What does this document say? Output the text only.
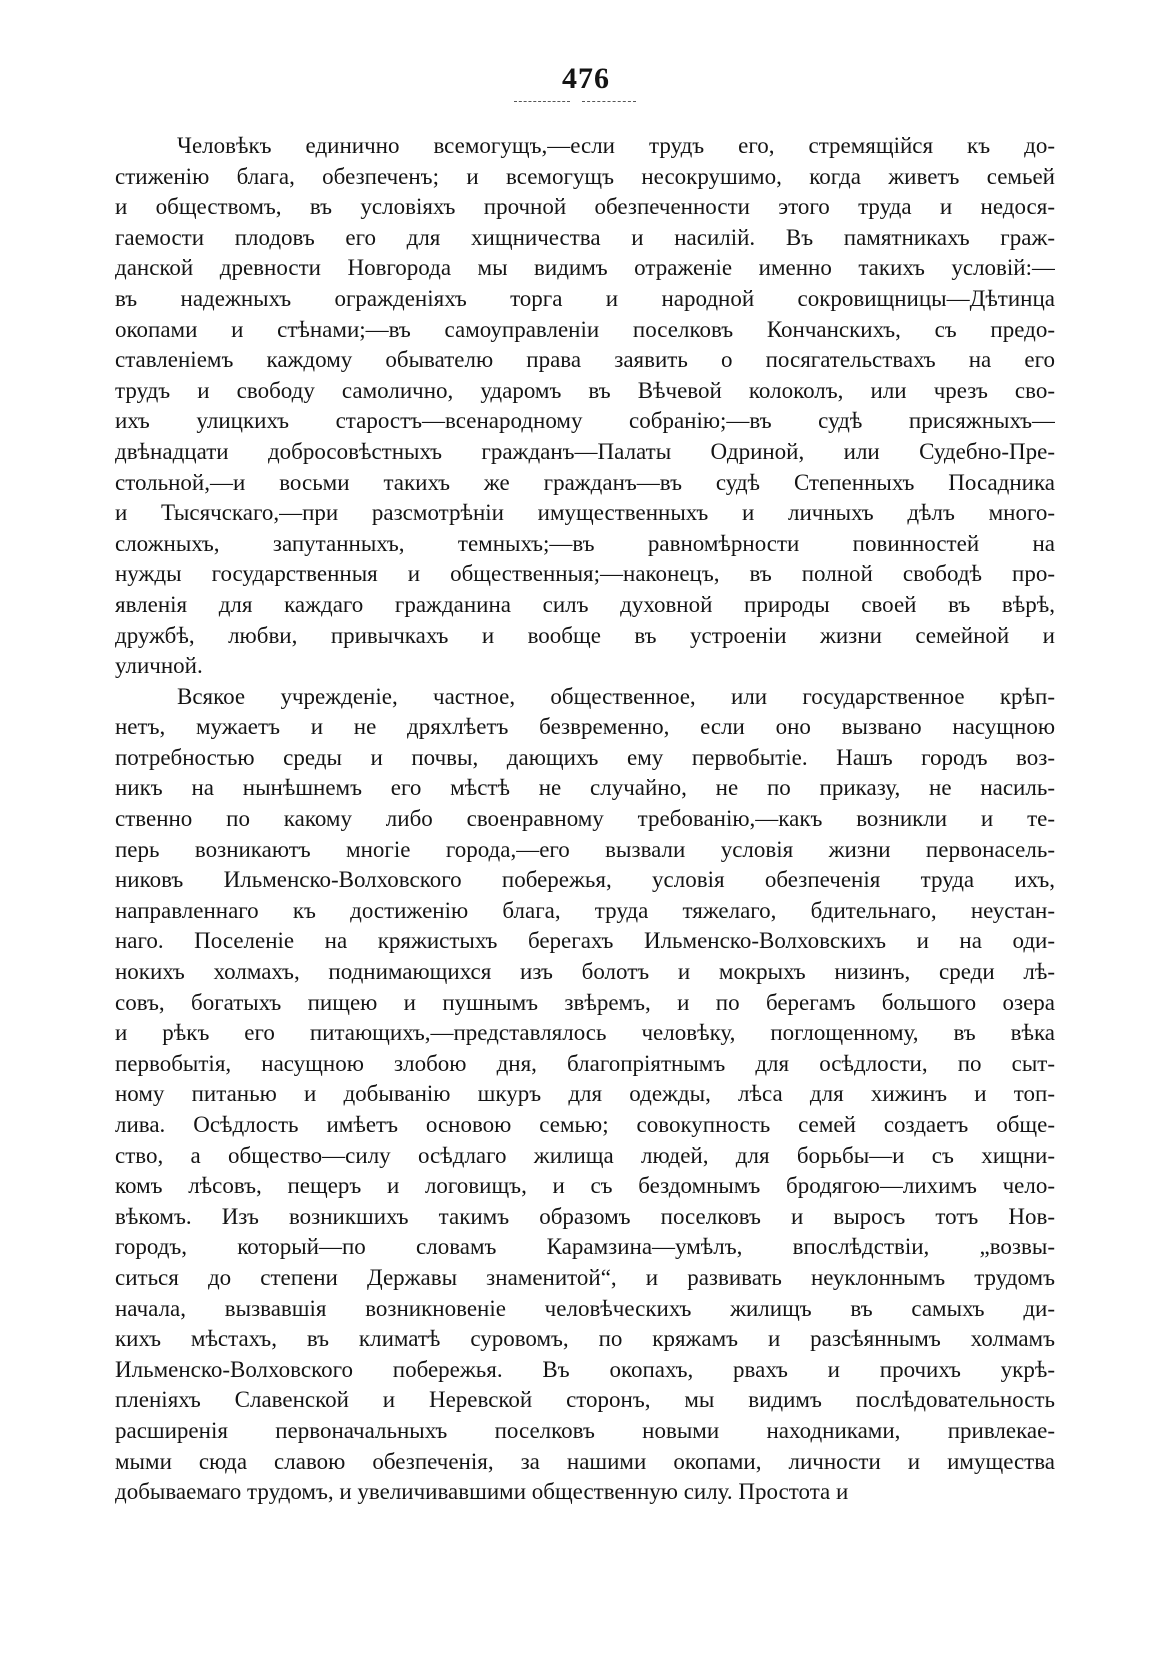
476
Человѣкъ единично всемогущъ,—если трудъ его, стремящійся къ до-
стиженію блага, обезпеченъ; и всемогущъ несокрушимо, когда живетъ семьей
и обществомъ, въ условіяхъ прочной обезпеченности этого труда и недося-
гаемости плодовъ его для хищничества и насилій. Въ памятникахъ граж-
данской древности Новгорода мы видимъ отраженіе именно такихъ условій:—
въ надежныхъ огражденіяхъ торга и народной сокровищницы—Дѣтинца
окопами и стѣнами;—въ самоуправленіи поселковъ Кончанскихъ, съ предо-
ставленіемъ каждому обывателю права заявить о посягательствахъ на его
трудъ и свободу самолично, ударомъ въ Вѣчевой колоколъ, или чрезъ сво-
ихъ улицкихъ старостъ—всенародному собранію;—въ судѣ присяжныхъ—
двѣнадцати добросовѣстныхъ гражданъ—Палаты Одриной, или Судебно-Пре-
стольной,—и восьми такихъ же гражданъ—въ судѣ Степенныхъ Посадника
и Тысячскаго,—при разсмотрѣніи имущественныхъ и личныхъ дѣлъ много-
сложныхъ, запутанныхъ, темныхъ;—въ равномѣрности повинностей на
нужды государственныя и общественныя;—наконецъ, въ полной свободѣ про-
явленія для каждаго гражданина силъ духовной природы своей въ вѣрѣ,
дружбѣ, любви, привычкахъ и вообще въ устроеніи жизни семейной и
уличной.
Всякое учрежденіе, частное, общественное, или государственное крѣп-
нетъ, мужаетъ и не дряхлѣетъ безвременно, если оно вызвано насущною
потребностью среды и почвы, дающихъ ему первобытіе. Нашъ городъ воз-
никъ на нынѣшнемъ его мѣстѣ не случайно, не по приказу, не насиль-
ственно по какому либо своенравному требованію,—какъ возникли и те-
перь возникаютъ многіе города,—его вызвали условія жизни первонасель-
никовъ Ильменско-Волховского побережья, условія обезпеченія труда ихъ,
направленнаго къ достиженію блага, труда тяжелаго, бдительнаго, неустан-
наго. Поселеніе на кряжистыхъ берегахъ Ильменско-Волховскихъ и на оди-
нокихъ холмахъ, поднимающихся изъ болотъ и мокрыхъ низинъ, среди лѣ-
совъ, богатыхъ пищею и пушнымъ звѣремъ, и по берегамъ большого озера
и рѣкъ его питающихъ,—представлялось человѣку, поглощенному, въ вѣка
первобытія, насущною злобою дня, благопріятнымъ для осѣдлости, по сыт-
ному питанью и добыванію шкуръ для одежды, лѣса для хижинъ и топ-
лива. Осѣдлость имѣетъ основою семью; совокупность семей создаетъ обще-
ство, а общество—силу осѣдлаго жилища людей, для борьбы—и съ хищни-
комъ лѣсовъ, пещеръ и логовищъ, и съ бездомнымъ бродягою—лихимъ чело-
вѣкомъ. Изъ возникшихъ такимъ образомъ поселковъ и выросъ тотъ Нов-
городъ, который—по словамъ Карамзина—умѣлъ, впослѣдствіи, „возвы-
ситься до степени Державы знаменитой“, и развивать неуклоннымъ трудомъ
начала, вызвавшія возникновеніе человѣческихъ жилищъ въ самыхъ ди-
кихъ мѣстахъ, въ климатѣ суровомъ, по кряжамъ и разсѣяннымъ холмамъ
Ильменско-Волховского побережья. Въ окопахъ, рвахъ и прочихъ укрѣ-
пленіяхъ Славенской и Неревской сторонъ, мы видимъ послѣдовательность
расширенія первоначальныхъ поселковъ новыми находниками, привлекае-
мыми сюда славою обезпеченія, за нашими окопами, личности и имущества
добываемаго трудомъ, и увеличивавшими общественную силу. Простота и
